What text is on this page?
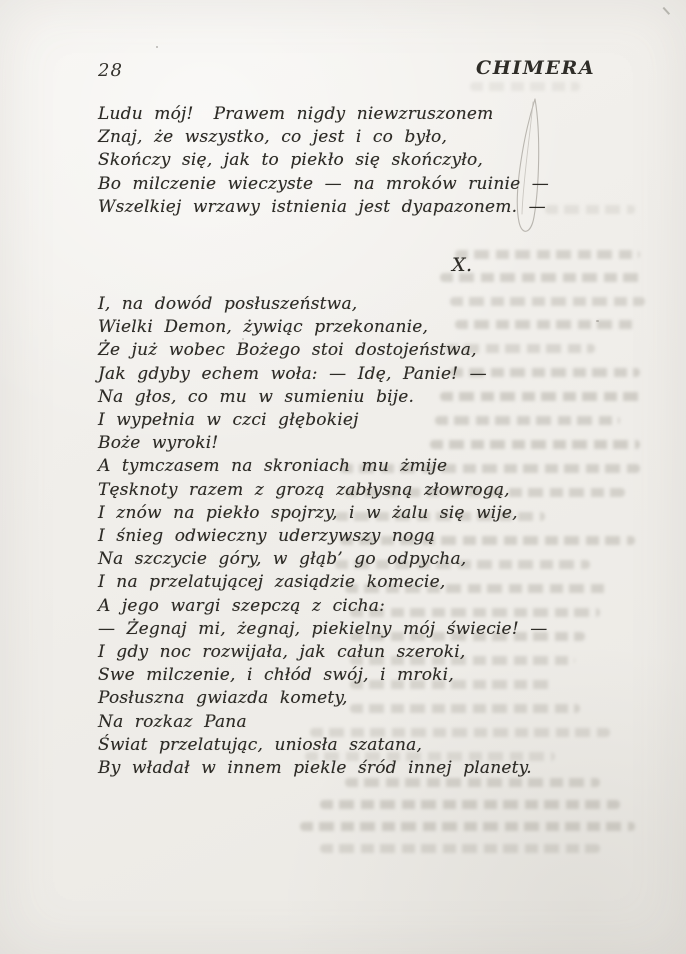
28	CHIMERA
Ludu mój!  Prawem nigdy niewzruszonem
Znaj, że wszystko, co jest i co było,
Skończy się, jak to piekło się skończyło,
Bo milczenie wieczyste — na mroków ruinie —
Wszelkiej wrzawy istnienia jest dyapazonem. —
X.
I, na dowód posłuszeństwa,
Wielki Demon, żywiąc przekonanie,
Że już wobec Bożego stoi dostojeństwa,
Jak gdyby echem woła: — Idę, Panie! —
Na głos, co mu w sumieniu bije.
I wypełnia w czci głębokiej
Boże wyroki!
A tymczasem na skroniach mu żmije
Tęsknoty razem z grozą zabłysną złowrogą,
I znów na piekło spojrzy, i w żalu się wije,
I śnieg odwieczny uderzywszy nogą
Na szczycie góry, w głąb’ go odpycha,
I na przelatującej zasiądzie komecie,
A jego wargi szepczą z cicha:
— Żegnaj mi, żegnaj, piekielny mój świecie! —
I gdy noc rozwijała, jak całun szeroki,
Swe milczenie, i chłód swój, i mroki,
Posłuszna gwiazda komety,
Na rozkaz Pana
Świat przelatując, uniosła szatana,
By władał w innem piekle śród innej planety.
